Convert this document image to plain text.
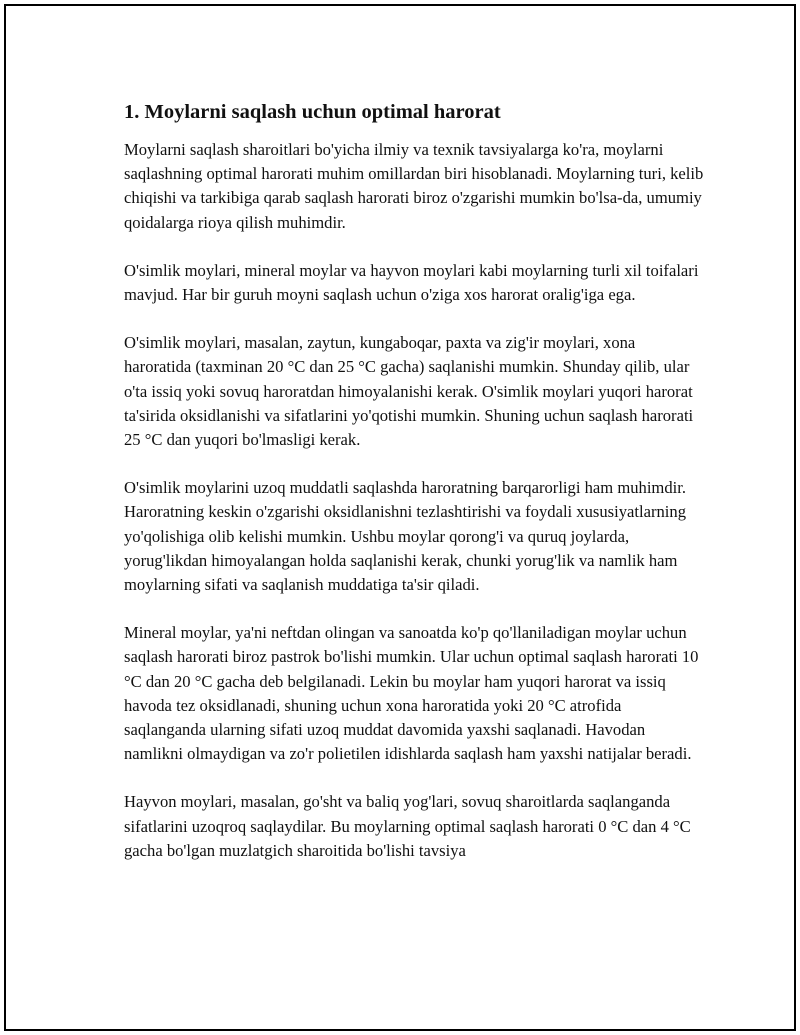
1. Moylarni saqlash uchun optimal harorat

Moylarni saqlash sharoitlari bo'yicha ilmiy va texnik tavsiyalarga ko'ra, moylarni saqlashning optimal harorati muhim omillardan biri hisoblanadi. Moylarning turi, kelib chiqishi va tarkibiga qarab saqlash harorati biroz o'zgarishi mumkin bo'lsa-da, umumiy qoidalarga rioya qilish muhimdir.

O'simlik moylari, mineral moylar va hayvon moylari kabi moylarning turli xil toifalari mavjud. Har bir guruh moyni saqlash uchun o'ziga xos harorat oralig'iga ega.

O'simlik moylari, masalan, zaytun, kungaboqar, paxta va zig'ir moylari, xona haroratida (taxminan 20 °C dan 25 °C gacha) saqlanishi mumkin. Shunday qilib, ular o'ta issiq yoki sovuq haroratdan himoyalanishi kerak. O'simlik moylari yuqori harorat ta'sirida oksidlanishi va sifatlarini yo'qotishi mumkin. Shuning uchun saqlash harorati 25 °C dan yuqori bo'lmasligi kerak.

O'simlik moylarini uzoq muddatli saqlashda haroratning barqarorligi ham muhimdir. Haroratning keskin o'zgarishi oksidlanishni tezlashtirishi va foydali xususiyatlarning yo'qolishiga olib kelishi mumkin. Ushbu moylar qorong'i va quruq joylarda, yorug'likdan himoyalangan holda saqlanishi kerak, chunki yorug'lik va namlik ham moylarning sifati va saqlanish muddatiga ta'sir qiladi.

Mineral moylar, ya'ni neftdan olingan va sanoatda ko'p qo'llaniladigan moylar uchun saqlash harorati biroz pastrok bo'lishi mumkin. Ular uchun optimal saqlash harorati 10 °C dan 20 °C gacha deb belgilanadi. Lekin bu moylar ham yuqori harorat va issiq havoda tez oksidlanadi, shuning uchun xona haroratida yoki 20 °C atrofida saqlanganda ularning sifati uzoq muddat davomida yaxshi saqlanadi. Havodan namlikni olmaydigan va zo'r polietilen idishlarda saqlash ham yaxshi natijalar beradi.

Hayvon moylari, masalan, go'sht va baliq yog'lari, sovuq sharoitlarda saqlanganda sifatlarini uzoqroq saqlaydilar. Bu moylarning optimal saqlash harorati 0 °C dan 4 °C gacha bo'lgan muzlatgich sharoitida bo'lishi tavsiya
